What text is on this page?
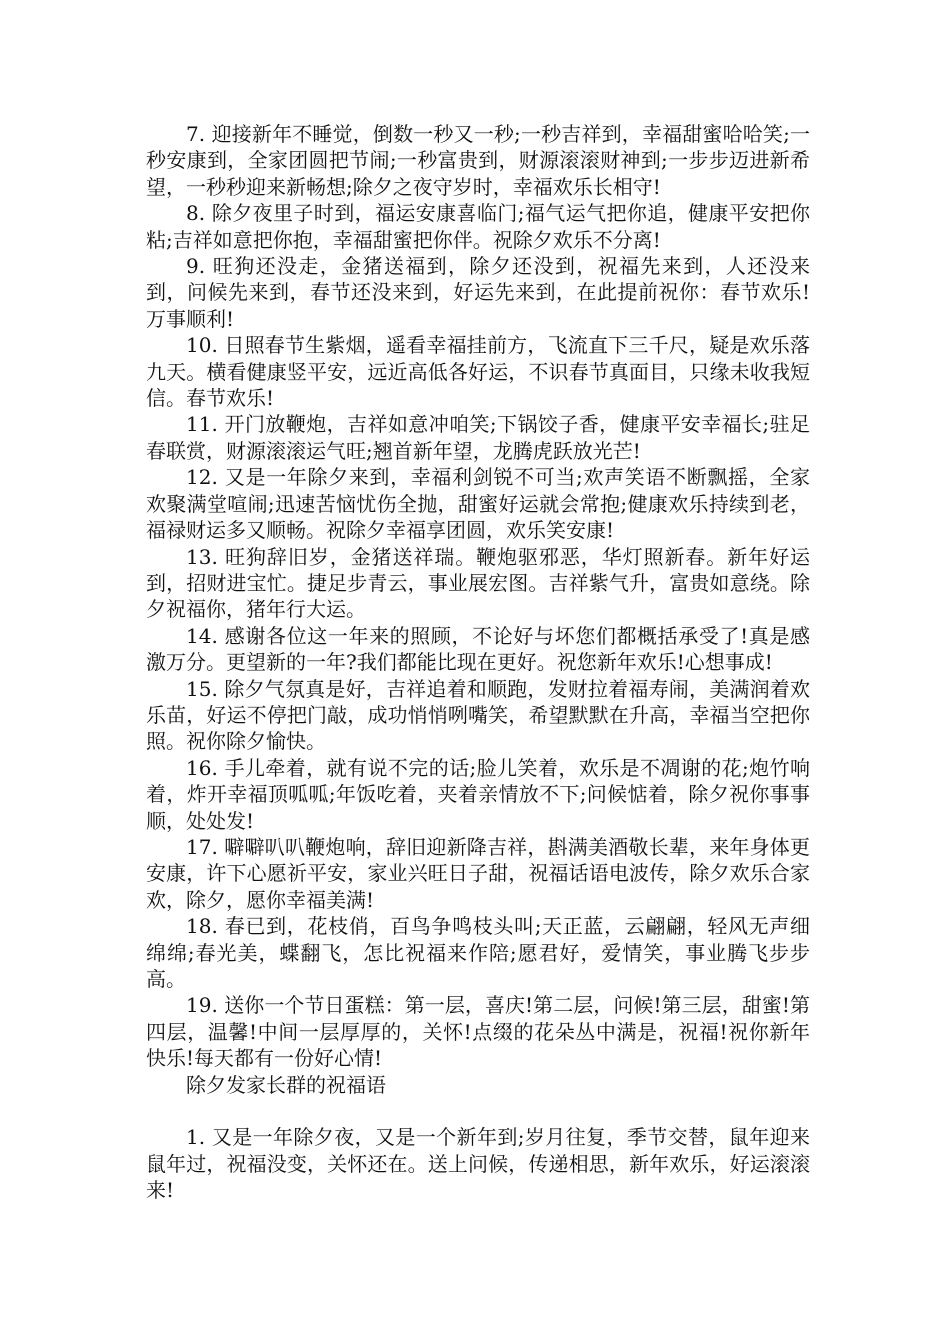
7. 迎接新年不睡觉，倒数一秒又一秒;一秒吉祥到，幸福甜蜜哈哈笑;一秒安康到，全家团圆把节闹;一秒富贵到，财源滚滚财神到;一步步迈进新希望，一秒秒迎来新畅想;除夕之夜守岁时，幸福欢乐长相守!

8. 除夕夜里子时到，福运安康喜临门;福气运气把你追，健康平安把你粘;吉祥如意把你抱，幸福甜蜜把你伴。祝除夕欢乐不分离!

9. 旺狗还没走，金猪送福到，除夕还没到，祝福先来到，人还没来到，问候先来到，春节还没来到，好运先来到，在此提前祝你：春节欢乐!万事顺利!

10. 日照春节生紫烟，遥看幸福挂前方，飞流直下三千尺，疑是欢乐落九天。横看健康竖平安，远近高低各好运，不识春节真面目，只缘未收我短信。春节欢乐!

11. 开门放鞭炮，吉祥如意冲咱笑;下锅饺子香，健康平安幸福长;驻足春联赏，财源滚滚运气旺;翘首新年望，龙腾虎跃放光芒!

12. 又是一年除夕来到，幸福利剑锐不可当;欢声笑语不断飘摇，全家欢聚满堂喧闹;迅速苦恼忧伤全抛，甜蜜好运就会常抱;健康欢乐持续到老，福禄财运多又顺畅。祝除夕幸福享团圆，欢乐笑安康!

13. 旺狗辞旧岁，金猪送祥瑞。鞭炮驱邪恶，华灯照新春。新年好运到，招财进宝忙。捷足步青云，事业展宏图。吉祥紫气升，富贵如意绕。除夕祝福你，猪年行大运。

14. 感谢各位这一年来的照顾，不论好与坏您们都概括承受了!真是感激万分。更望新的一年?我们都能比现在更好。祝您新年欢乐!心想事成!

15. 除夕气氛真是好，吉祥追着和顺跑，发财拉着福寿闹，美满润着欢乐苗，好运不停把门敲，成功悄悄咧嘴笑，希望默默在升高，幸福当空把你照。祝你除夕愉快。

16. 手儿牵着，就有说不完的话;脸儿笑着，欢乐是不凋谢的花;炮竹响着，炸开幸福顶呱呱;年饭吃着，夹着亲情放不下;问候惦着，除夕祝你事事顺，处处发!

17. 噼噼叭叭鞭炮响，辞旧迎新降吉祥，斟满美酒敬长辈，来年身体更安康，许下心愿祈平安，家业兴旺日子甜，祝福话语电波传，除夕欢乐合家欢，除夕，愿你幸福美满!

18. 春已到，花枝俏，百鸟争鸣枝头叫;天正蓝，云翩翩，轻风无声细绵绵;春光美，蝶翻飞，怎比祝福来作陪;愿君好，爱情笑，事业腾飞步步高。

19. 送你一个节日蛋糕：第一层，喜庆!第二层，问候!第三层，甜蜜!第四层，温馨!中间一层厚厚的，关怀!点缀的花朵丛中满是，祝福!祝你新年快乐!每天都有一份好心情!

除夕发家长群的祝福语

1. 又是一年除夕夜，又是一个新年到;岁月往复，季节交替，鼠年迎来鼠年过，祝福没变，关怀还在。送上问候，传递相思，新年欢乐，好运滚滚来!
